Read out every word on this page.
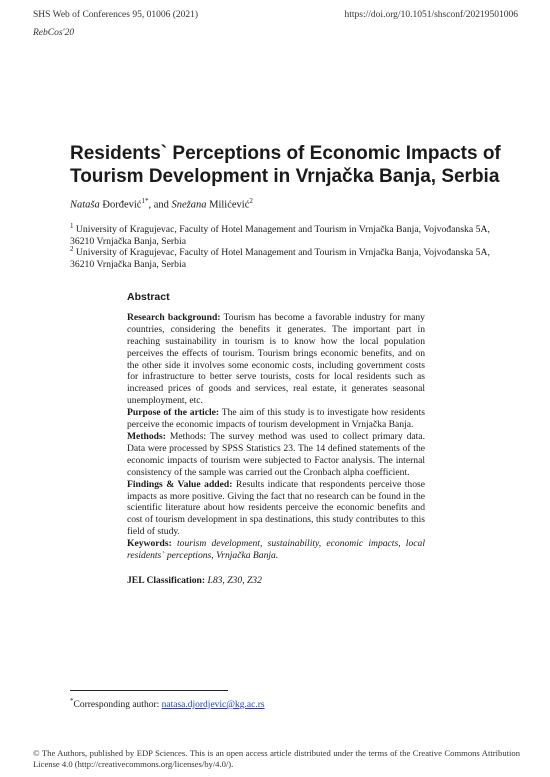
SHS Web of Conferences 95, 01006 (2021)	https://doi.org/10.1051/shsconf/20219501006
RebCos'20
Residents` Perceptions of Economic Impacts of
Tourism Development in Vrnjačka Banja, Serbia
Nataša Đorđević$^{1*}$, and Snežana Milićević$^2$
$^1$ University of Kragujevac, Faculty of Hotel Management and Tourism in Vrnjačka Banja, Vojvođanska 5A, 36210 Vrnjačka Banja, Serbia
$^2$ University of Kragujevac, Faculty of Hotel Management and Tourism in Vrnjačka Banja, Vojvođanska 5A, 36210 Vrnjačka Banja, Serbia
Abstract

Research background: Tourism has become a favorable industry for many countries, considering the benefits it generates. The important part in reaching sustainability in tourism is to know how the local population perceives the effects of tourism. Tourism brings economic benefits, and on the other side it involves some economic costs, including government costs for infrastructure to better serve tourists, costs for local residents such as increased prices of goods and services, real estate, it generates seasonal unemployment, etc.

Purpose of the article: The aim of this study is to investigate how residents perceive the economic impacts of tourism development in Vrnjačka Banja.

Methods: Methods: The survey method was used to collect primary data. Data were processed by SPSS Statistics 23. The 14 defined statements of the economic impacts of tourism were subjected to Factor analysis. The internal consistency of the sample was carried out the Cronbach alpha coefficient.

Findings & Value added: Results indicate that respondents perceive those impacts as more positive. Giving the fact that no research can be found in the scientific literature about how residents perceive the economic benefits and cost of tourism development in spa destinations, this study contributes to this field of study.

Keywords: tourism development, sustainability, economic impacts, local residents` perceptions, Vrnjačka Banja.

JEL Classification: L83, Z30, Z32

*Corresponding author: natasa.djordjevic@kg.ac.rs
© The Authors, published by EDP Sciences. This is an open access article distributed under the terms of the Creative Commons Attribution License 4.0 (http://creativecommons.org/licenses/by/4.0/).
